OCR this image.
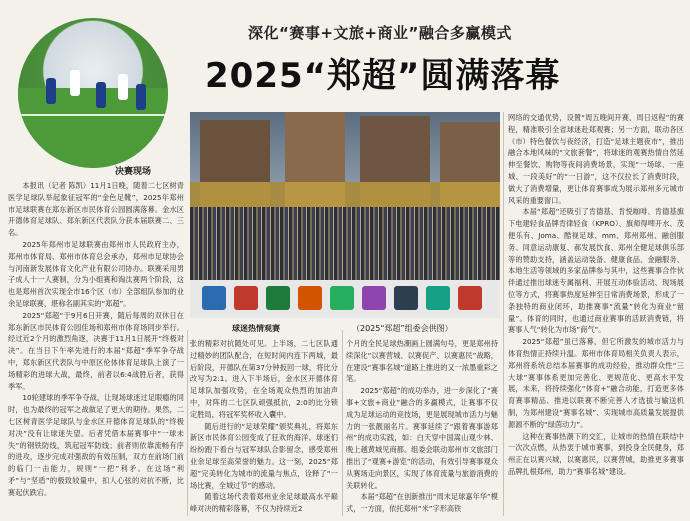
决赛现场
深化“赛事+文旅+商业”融合多赢模式
2025“郑超”圆满落幕
球迷热情观赛	（2025“郑超”组委会供图）

本报讯（记者 陈凯）11月1日晚，随着二七区树青医学足球队举起象征冠军的“金色足靴”，2025年郑州市足球联赛在郑东新区市民体育公园圆满落幕。金水区开德体育足球队、郑东新区代表队分获本届联赛二、三名。

2025年郑州市足球联赛由郑州市人民政府主办，郑州市体育局、郑州市体育总会承办，郑州市足球协会与河南新发展体育文化产业有限公司协办。联赛采用男子成人十一人赛制，分为小组赛和淘汰赛两个阶段，这也是郑州首次实现全市16个区（市）全部组队参加的业余足球联赛，堪称名副其实的“郑超”。

2025“郑超”于9月6日开赛，随后每周的双休日在郑东新区市民体育公园佳场和郑州市体育场同步举行。经过近2个月的激烈角逐，决赛于11月1日展开“终极对决”。在当日下午率先进行的本届“郑超”季军争夺战中，郑东新区代表队与中原区伦体体育足球队上演了一场精彩的进球大战，最终，前者以6:4战胜后者，获得季军。

10轮建球的季军争夺战，让现场球迷过足眼瘾的同时，也为最终的冠军之战做足了更大的期待。果然，二七区树青医学足球队与金水区开德体育足球队的“终极对决”没有让球迷失望。后者凭借本届赛事中“一球未失”的钢铁防线，筑起冠军防线；前者则依靠流畅有序的进攻，逐步完成对强敌的有效压制，双方在前场门前的临门一击能力，规则“一把”利矛。在这场“利矛”与“坚盾”的极致较量中，扣人心弦的对抗不断，比赛起伏跌宕。

张的精彩对抗随处可见。上半场，二七区队通过精妙的团队配合，在短时间内连下两城，最后阶段，开德队在第37分钟扳回一球，将比分改写为2:1。进入下半场后，金水区开德体育足球队加强攻势，在全场观众热烈的加油声中，对阵的二七区队顽强抵抗，2:0的比分锁定胜局，将冠军奖杯收入囊中。

随后进行的“足球荣耀”颁奖典礼，将郑东新区市民体育公园变成了狂欢的海洋。球迷们纷纷跑下看台与冠军球队合影留念，感受郑州业余足球至高荣誉的魅力。这一刻，2025“郑超”完美转化为城市的流量与焦点，诠释了“一场比赛，全城过节”的感动。

随着这场代表着郑州业余足球最高水平巅峰对决的精彩落幕，不仅为持续近2

个月的全民足球热潮画上圆满句号，更是郑州持续深化“以赛营城、以赛促产、以赛惠民”战略，在建设“赛事名城”道路上推进的又一浓墨重彩之笔。

2025“郑超”的成功举办，进一步深化了“赛事+文旅+商业”融合的多赢模式，让赛事不仅成为足球运动的竞技场，更是展现城市活力与魅力的一张靓丽名片。赛事延续了“跟着赛事游郑州”的成功实践，如：白天穿中国嵩山观少林、晚上越黄城见商都。组委会联动郑州市文旅部门推出了“观赛+游览”的活动，有效引导赛事观众从赛场走向景区，实现了体育流量与旅游消费的关联转化。

本届“郑超”在创新推出“周末足球嘉年华”模式，一方面，依托郑州“米”字形高铁

网络的交通优势，设置“周五晚间开赛，周日返程”的赛程，精准吸引全省球迷赴郑观赛；另一方面，联动各区（市）特色餐饮与夜经济，打造“足球主题夜市”，推出融合本地风味的“文旅套餐”，将球迷的观赛热情自然延伸至餐饮、购物等夜间消费场景，实现“一场球、一座城、一段美好”的“一日游”，这不仅拉长了消费时段，做大了消费增量，更让体育赛事成为展示郑州多元城市风采的重要窗口。

本届“郑超”还吸引了肯德基、肯悦咖啡、肯德基旗下电建轻食品牌肯律轻食（KPRO）、旗师得啤开水、茂便乐有、Joma、酷视足球、mm、郑州郑州、融创服务、同意运动康复、郝发展饮食、郑州全健足球俱乐部等的赞助支持，涵盖运动装备、健康食品、金融服务、本地生活等领域的多家品牌参与其中，这些赛事合作伙伴通过推出球迷专属福利、开展互动体验活动、现场展位等方式，将赛事热度延伸至日常消费场景，形成了一条独特的商业闭环，助推赛事“流量”转化为商业“留量”。体育的同时，也通过商业赛事的活跃消费链，将赛事人气“转化为市场”商气”。

2025“郑超”虽已落幕，但它所激发的城市活力与体育热情正持续升温。郑州市体育局相关负责人表示，郑州将系统总结本届赛事的成功经验，推动群众性“三大球”赛事体系更加完善化、更规范化、更高水平发展，未来，将持续强化“体育+”融合动能，打造更多体育赛事精品、推进以联赛不断完善人才选拔与输送机制，为郑州建设“赛事名城”、实现城市高质量发展提供源源不断的“绿茵动力”。

这种在赛事热潮下的交汇，让城市的热情在联结中一次次点燃，从热衷于城市赛事，到投身全民健身，郑州正在以赛兴城，以赛惠民，以赛营城，助推更多赛事品牌扎根郑州，助力“赛事名城”建设。
